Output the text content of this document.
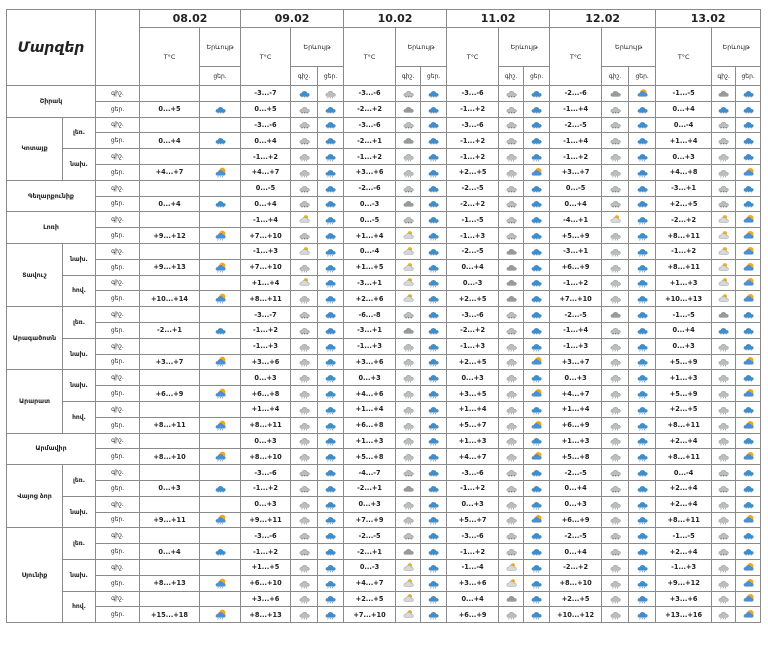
Մարզեր			08.02		09.02			10.02			11.02			12.02			13.02		
			T°C	Երևույթ	T°C	Երևույթ		T°C	Երևույթ		T°C	Երևույթ		T°C	Երևույթ		T°C	Երևույթ	
				ցեր.		գիշ.	ցեր.		գիշ.	ցեր.		գիշ.	ցեր.		գիշ.	ցեր.		գիշ.	ցեր.
Շիրակ		գիշ.			-3...-7	* * *		-3...-6	* * *	* * *	-3...-6	* * *	* * *	-2...-6			-1...-5		* * *

		ցեր.	0...+5	* * *	0...+5	* * *	* * *	-2...+2		* * *	-1...+2	* * *	* * *	-1...+4	* * *	* * *	0...+4	* * *	* * *

Կոտայք	լեռ.	գիշ.			-3...-6	* * *	* * *	-3...-6	* * *	* * *	-3...-6	* * *	* * *	-2...-5	* * *	* * *	0...-4	* * *	* * *

		ցեր.	0...+4	* * *	0...+4	* * *	* * *	-2...+1		* * *	-1...+2	* * *	* * *	-1...+4	* * *	* * *	+1...+4	* * *	* * *

	նախ.	գիշ.			-1...+2			-1...+2			-1...+2			-1...+2			0...+3		* * *

		ցեր.	+4...+7		+4...+7			+3...+6			+2...+5			+3...+7			+4...+8		
Գեղարքունիք		գիշ.			0...-5	* * *	* * *	-2...-6	* * *	* * *	-2...-5	* * *	* * *	0...-5	* * *	* * *	-3...+1	* * *	* * *

		ցեր.	0...+4	* * *	0...+4	* * *	* * *	0...-3		* * *	-2...+2	* * *	* * *	0...+4	* * *	* * *	+2...+5	* * *	* * *

Լոռի		գիշ.			-1...+4			0...-5	* * *	* * *	-1...-5	* * *	* * *	-4...+1			-2...+2		
		ցեր.	+9...+12		+7...+10	* * *	* * *	+1...+4			-1...+3	* * *	* * *	+5...+9			+8...+11		
Տավուշ	նախ.	գիշ.			-1...+3			0...-4		* * *	-2...-5		* * *	-3...+1			-1...+2		
		ցեր.	+9...+13		+7...+10			+1...+5			0...+4		* * *	+6...+9			+8...+11		
	հով.	գիշ.			+1...+4			-3...+1			0...-3		* * *	-1...+2			+1...+3		
		ցեր.	+10...+14		+8...+11			+2...+6			+2...+5		* * *	+7...+10			+10...+13		
Արագածոտն	լեռ.	գիշ.			-3...-7	* * *	* * *	-6...-8	* * *	* * *	-3...-6	* * *	* * *	-2...-5		* * *	-1...-5		* * *

		ցեր.	-2...+1	* * *	-1...+2	* * *	* * *	-3...+1		* * *	-2...+2	* * *	* * *	-1...+4	* * *	* * *	0...+4	* * *	* * *

	նախ.	գիշ.			-1...+3			-1...+3			-1...+3			-1...+3			0...+3		* * *

		ցեր.	+3...+7		+3...+6			+3...+6			+2...+5			+3...+7			+5...+9		
Արարատ	նախ.	գիշ.			0...+3			0...+3			0...+3			0...+3			+1...+3		* * *

		ցեր.	+6...+9		+6...+8			+4...+6			+3...+5			+4...+7			+5...+9		
	հով.	գիշ.			+1...+4			+1...+4			+1...+4			+1...+4			+2...+5		* * *

		ցեր.	+8...+11		+8...+11			+6...+8			+5...+7			+6...+9			+8...+11		
Արմավիր		գիշ.			0...+3			+1...+3			+1...+3			+1...+3			+2...+4		* * *

		ցեր.	+8...+10		+8...+10			+5...+8			+4...+7			+5...+8			+8...+11		
Վայոց ձոր	լեռ.	գիշ.			-3...-6	* * *	* * *	-4...-7	* * *	* * *	-3...-6	* * *	* * *	-2...-5	* * *	* * *	0...-4	* * *	* * *

		ցեր.	0...+3	* * *	-1...+2	* * *	* * *	-2...+1		* * *	-1...+2	* * *	* * *	0...+4	* * *	* * *	+2...+4	* * *	* * *

	նախ.	գիշ.			0...+3			0...+3			0...+3			0...+3			+2...+4		* * *

		ցեր.	+9...+11		+9...+11			+7...+9			+5...+7			+6...+9			+8...+11		
Սյունիք	լեռ.	գիշ.			-3...-6	* * *	* * *	-2...-5	* * *	* * *	-3...-6	* * *	* * *	-2...-5	* * *	* * *	-1...-5	* * *	* * *

		ցեր.	0...+4	* * *	-1...+2	* * *	* * *	-2...+1		* * *	-1...+2	* * *	* * *	0...+4	* * *	* * *	+2...+4	* * *	* * *

	նախ.	գիշ.			+1...+5			0...-3			-1...-4			-2...+2			-1...+3		
		ցեր.	+8...+13		+6...+10			+4...+7			+3...+6			+8...+10			+9...+12		
	հով.	գիշ.			+3...+6			+2...+5			0...+4			+2...+5			+3...+6		
		ցեր.	+15...+18		+8...+13			+7...+10			+6...+9			+10...+12			+13...+16		
